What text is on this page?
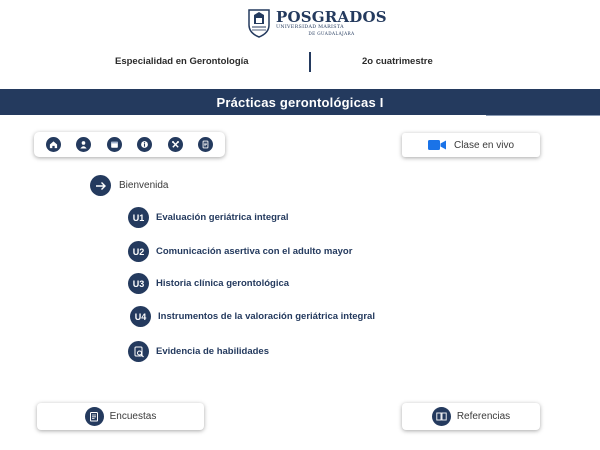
POSGRADOS
UNIVERSIDAD MARISTA
DE GUADALAJARA
Especialidad en Gerontología	2o cuatrimestre
Prácticas gerontológicas I
Clase en vivo
Bienvenida
U1	Evaluación geriátrica integral
U2	Comunicación asertiva con el adulto mayor
U3	Historia clínica gerontológica
U4	Instrumentos de la valoración geriátrica integral
Evidencia de habilidades
Encuestas	Referencias
